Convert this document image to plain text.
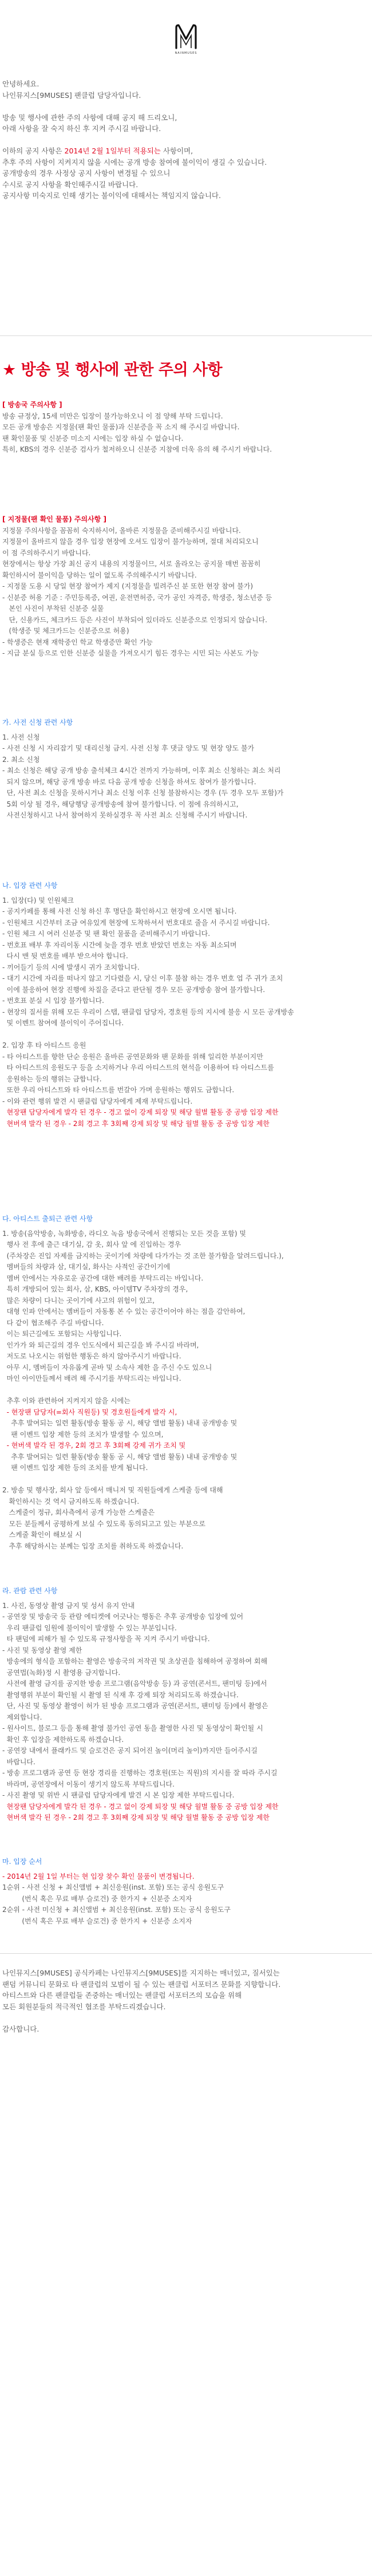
NAINMUSES

안녕하세요.

나인뮤지스[9MUSES] 팬클럽 담당자입니다.

방송 및 행사에 관한 주의 사항에 대해 공지 해 드리오니,

아래 사항을 잘 숙지 하신 후 지켜 주시길 바랍니다.

이하의 공지 사항은 2014년 2월 1일부터 적용되는 사항이며,

추후 주의 사항이 지켜지지 않을 시에는 공개 방송 참여에 불이익이 생길 수 있습니다.

공개방송의 경우 사정상 공지 사항이 변경될 수 있으니

수시로 공지 사항을 확인해주시길 바랍니다.

공지사항 미숙지로 인해 생기는 불이익에 대해서는 책임지지 않습니다.

★ 방송 및 행사에 관한 주의 사항

[ 방송국 주의사항 ]

방송 규정상, 15세 미만은 입장이 불가능하오니 이 점 양해 부탁 드립니다.

모든 공개 방송은 지정물(팬 확인 물품)과 신분증을 꼭 소지 해 주시길 바랍니다.

팬 확인물품 및 신분증 미소지 시에는 입장 하실 수 없습니다.

특히, KBS의 경우 신분증 검사가 철저하오니 신분증 지참에 더욱 유의 해 주시기 바랍니다.

[ 지정물(팬 확인 물품) 주의사항 ]

지정물 주의사항을 꼼꼼히 숙지하시어, 올바른 지정물을 준비해주시길 바랍니다.

지정물이 올바르지 않을 경우 입장 현장에 오셔도 입장이 불가능하며, 절대 처리되오니

이 점 주의하주시기 바랍니다.

현장에서는 항상 가장 최신 공지 내용의 지정물이므, 서로 올라오는 공지물 매번 꼼꼼히

확인하시어 불이익을 당하는 일이 없도록 주의해주시기 바랍니다.

- 지정물 도용 시 당일 현장 참여가 제지 (지정물을 빌려주신 분 또한 현장 참여 불가)

- 신분증 허용 기준 : 주민등록증, 여권, 운전면허증, 국가 공인 자격증, 학생증, 청소년증 등

본인 사진이 부착된 신분증 실물

단, 신용카드, 체크카드 등은 사진이 부착되어 있더라도 신분증으로 인정되지 않습니다.

(학생증 및 체크카드는 신분증으로 허용)

- 학생증은 현재 재학중인 학교 학생증만 확인 가능

- 지급 분실 등으로 인한 신분증 실물을 가져오시기 힘든 경우는 시민 되는 사본도 가능

가. 사전 신청 관련 사항

1. 사전 신청

- 사전 신청 시 자리잡기 및 대리신청 금지. 사전 신청 후 댓글 양도 및 현장 양도 불가

2. 최소 신청

- 최소 신청은 해당 공개 방송 출석체크 4시간 전까지 가능하며, 이후 최소 신청하는 최소 처리

되지 않으며, 해당 공개 방송 바로 다음 공개 방송 신청을 하셔도 참여가 불가합니다.

단, 사전 최소 신청을 못하시거나 최소 신청 이후 신청 불참하시는 경우 (두 경우 모두 포함)가

5회 이상 될 경우, 해당행당 공개방송에 참여 불가합니다. 이 점에 유의하시고,

사전신청하시고 나서 참여하지 못하실경우 꼭 사전 최소 신청해 주시기 바랍니다.

나. 입장 관련 사항

1. 입장(다) 및 인원체크

- 공지카페를 통해 사전 신청 하신 후 명단을 확인하시고 현장에 오시면 됩니다.

- 인원체크 시간부터 조금 여유있게 현장에 도착하셔서 번호대로 줄을 서 주시길 바랍니다.

- 인원 체크 시 여러 신분증 및 팬 확인 물품을 준비해주시기 바랍니다.

- 번호표 배부 후 자리이동 시간에 늦을 경우 번호 받았던 번호는 자동 최소되며

다시 맨 뒷 번호를 배부 받으셔야 합니다.

- 끼어들기 등의 시에 발생시 귀가 조치합니다.

- 대기 시간에 자리를 떠나지 않고 기다렸을 시, 당신 이후 불참 하는 경우 번호 업 주 귀가 조치

이에 불응하여 현장 진행에 차질을 준다고 판단될 경우 모든 공개방송 참여 불가합니다.

- 번호표 분실 시 입장 불가합니다.

- 현장의 질서를 위해 모든 우리이 스탭, 팬클럽 담당자, 경호원 등의 지시에 불응 시 모든 공개방송

및 이벤트 참여에 불이익이 주어집니다.

2. 입장 후 타 아티스트 응원

- 타 아티스트를 향한 단순 응원은 올바른 공연문화와 팬 문화를 위해 일리한 부분이지만

타 아티스트의 응원도구 등을 소지하거나 우리 아티스트의 현석을 이용하여 타 아티스트를

응원하는 등의 행위는 금합니다.

또한 우리 아티스트와 타 아티스트를 번갈아 가며 응원하는 행위도 금합니다.

- 이와 관련 행위 발견 시 팬클럽 담당자에게 제재 부탁드립니다.

현장팬 담당자에게 발각 된 경우 - 경고 없이 강제 퇴장 및 해당 월별 활동 중 공방 입장 제한

현버색 발각 된 경우 - 2회 경고 후 3회째 강제 퇴장 및 해당 월별 활동 중 공방 입장 제한

다. 아티스트 출퇴근 관련 사항

1. 방송(음악방송, 녹화방송, 라디오 녹음 방송국에서 진행되는 모든 것을 포함) 및

행사 전 후에 출근 대기실, 감 옷, 회사 앞 에 진입하는 경우

(주차장은 진입 자제를 금지하는 곳이기에 차량에 다가가는 것 조한 불가함을 알려드립니다.),

멤버들의 차량과 삼, 대기실, 화사는 사적인 공간이기에

멤버 안에서는 자유로운 공간에 대한 배려를 부탁드리는 바입니다.

특히 개방되어 있는 회사, 삼, KBS, 아이템TV 주차장의 경우,

많은 차량이 다니는 곳이기에 사고의 위험이 있고,

대형 인파 안에서는 멤버들이 자동통 본 수 있는 공간이어야 하는 점을 감안하여,

다 같이 협조해주 주길 바랍니다.

이는 퇴근길에도 포함되는 사항입니다.

인가가 와 퇴근길의 경우 인도식에서 퇴근길을 봐 주시길 바라며,

저도로 나오시는 위험한 행동은 하지 않아주시기 바랍니다.

아무 시, 멤버들이 자유롭게 곧바 및 소속사 제한 을 주신 수도 있으니

마인 아이만들께서 배려 해 주시기를 부탁드리는 바입니다.

추후 이와 관련하여 지켜지지 않을 시에는

- 현장팬 담당자(=회사 직원등) 및 경호원들에게 발각 시,

추후 발여되는 일련 활동(방송 활동 공 시, 해당 앨범 활동) 내내 공개방송 및

팬 이벤트 입장 제한 등의 조치가 발생할 수 있으며,

- 현버색 발각 된 경우, 2회 경고 후 3회째 강제 귀가 조치 및

추후 발여되는 일련 활동(방송 활동 공 시, 해당 앨범 활동) 내내 공개방송 및

팬 이벤트 입장 제한 등의 조치를 받게 됩니다.

2. 방송 및 행사장, 회사 앞 등에서 매니저 및 직원들에게 스케줄 등에 대해

확인하시는 것 역시 금지하도록 하겠습니다.

스케줄이 정규, 회사측에서 공개 가능한 스케줄은

모든 분들께서 공평하게 보실 수 있도록 동의되고고 있는 부분으로

스케줄 확인이 해보실 시

추후 해당하시는 분께는 입장 조치를 취하도록 하겠습니다.

라. 관람 관련 사항

1. 사진, 동영상 촬영 금지 및 성서 유지 안내

- 공연장 및 방송국 등 관람 에티켓에 어긋나는 행동은 추후 공개방송 입장에 있어

우리 팬클럽 임원에 불이익이 발생할 수 있는 부분입니다.

타 팬덤에 피해가 될 수 있도록 규정사항을 꼭 지켜 주시기 바랍니다.

- 사진 및 동영상 촬영 제한

방송에의 형식을 포함하는 촬영은 방송국의 저작권 및 초상권을 침해하여 공정하여 회해

공연법(녹화)정 시 촬영용 금지합니다.

사전에 촬영 금지를 공지한 방송 프로그램(음악방송 등) 과 공연(콘서트, 팬미팅 등)에서

촬영행위 부분이 확인될 시 촬영 된 식재 후 강제 퇴장 처리되도록 하겠습니다.

단, 사진 및 동영상 촬영이 허가 된 방송 프로그램과 공연(콘서트, 팬미팅 등)에서 촬영은

제외합니다.

- 원사이트, 블로그 등을 통해 촬영 불가인 공연 동을 촬영한 사진 및 동영상이 확인될 시

확인 후 입장을 제한하도록 하겠습니다.

- 공연장 내에서 플래카드 및 슬로건은 공지 되어진 높이(머리 높이)까지만 들어주시길

바랍니다.

- 방송 프로그램과 공연 등 현장 경리를 진행하는 경호원(또는 직원)의 지시를 잘 따라 주시길

바라며, 공연장에서 이동이 생기지 않도록 부탁드립니다.

- 사진 촬영 및 위반 시 팬클럽 담당자에게 발견 시 본 입장 제한 부탁드립니다.

현장팬 담당자에게 발각 된 경우 - 경고 없이 강제 퇴장 및 해당 월별 활동 중 공방 입장 제한

현버색 발각 된 경우 - 2회 경고 후 3회째 강제 퇴장 및 해당 월별 활동 중 공방 입장 제한

마. 입장 순서

- 2014년 2월 1일 부터는 현 입장 찾수 확인 물품이 변경됩니다.

1순위 - 사전 신청 + 최신앨범 + 최신응원(inst. 포함) 또는 공식 응원도구

(번식 혹은 무료 배부 슬로건) 중 한가지 + 신분증 소지자

2순위 - 사전 미신청 + 최신앨범 + 최신응원(inst. 포함) 또는 공식 응원도구

(번식 혹은 무료 배부 슬로건) 중 한가지 + 신분증 소지자

나인뮤지스[9MUSES] 공식카페는 나인뮤지스[9MUSES]를 지지하는 매너있고, 질서있는

팬덤 커뮤니티 문화로 타 팬클럽의 모범이 될 수 있는 팬클럽 서포터즈 문화를 지향합니다.

아티스트와 다른 팬클럽들 존중하는 매너있는 팬클럽 서포터즈의 모습을 위해

모든 회원분들의 적극적인 협조를 부탁드리겠습니다.

감사합니다.
